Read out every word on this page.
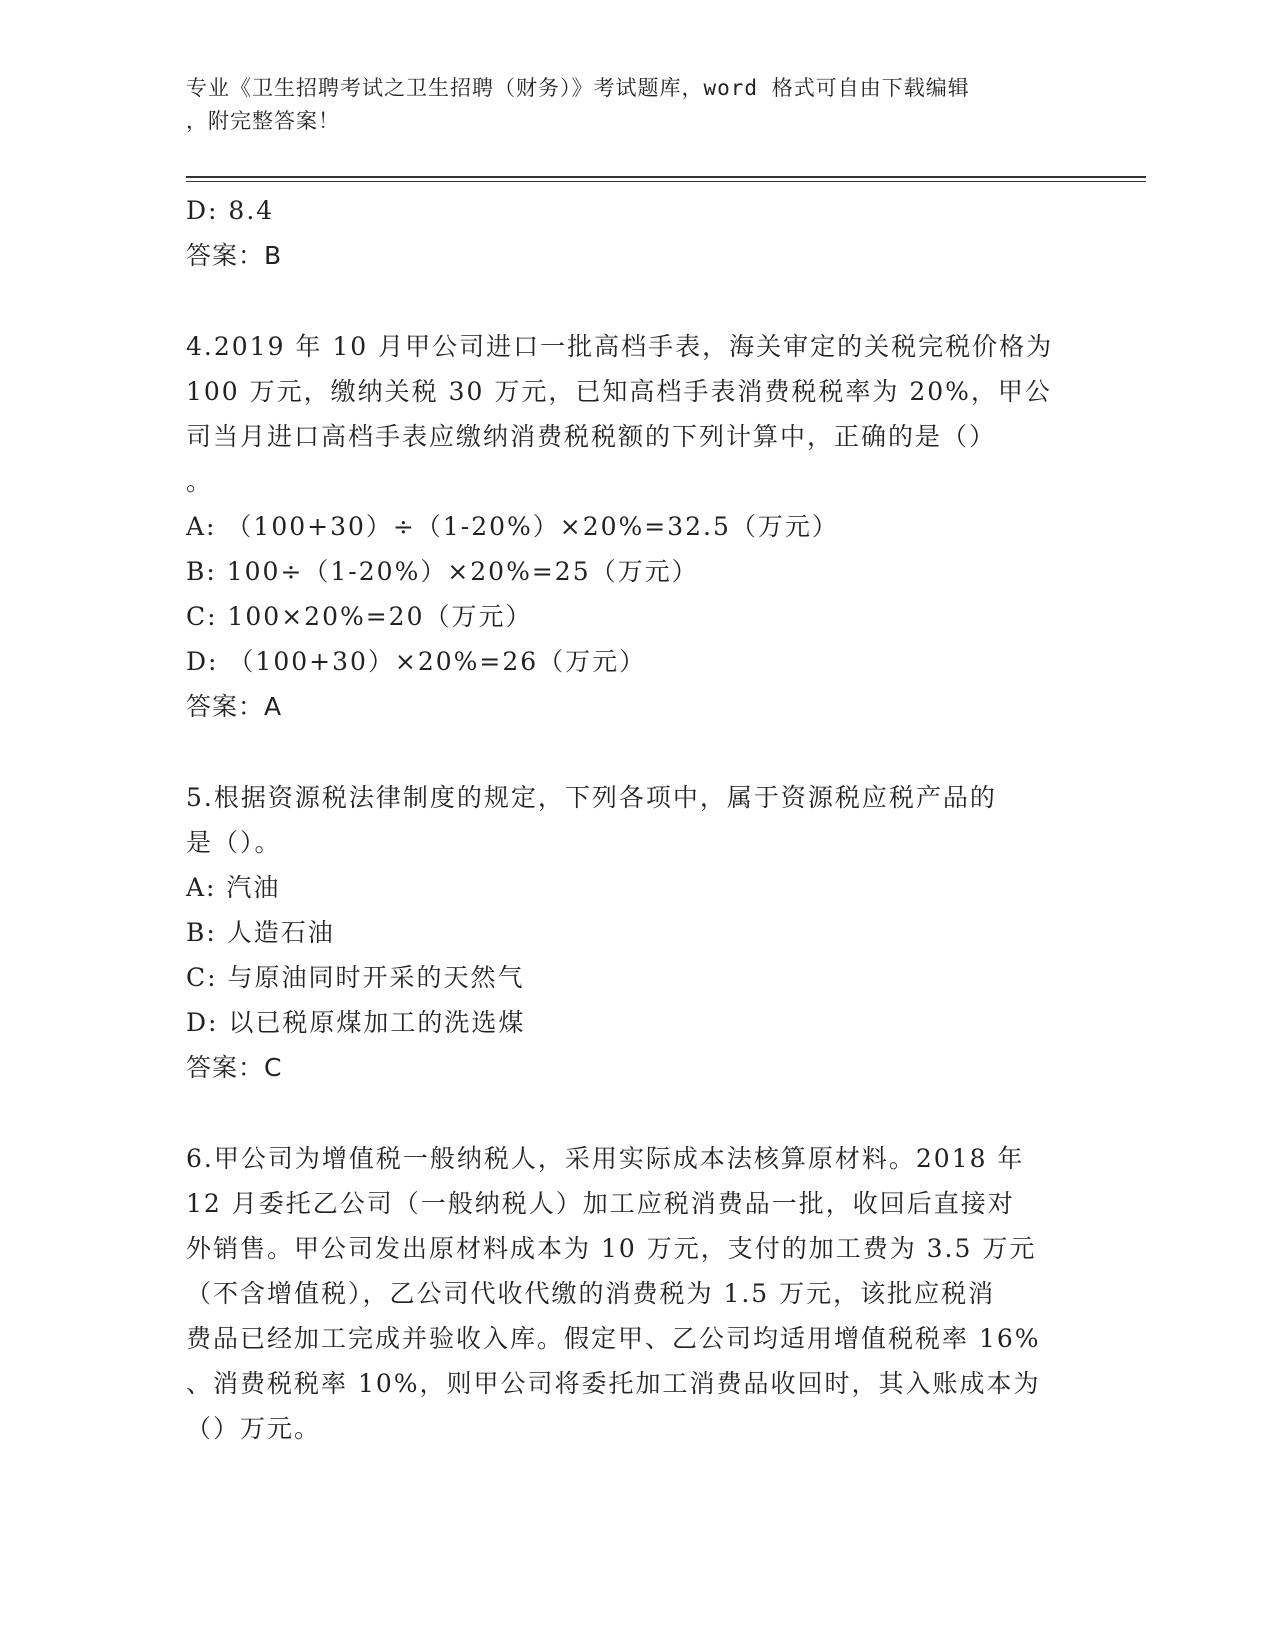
专业《卫生招聘考试之卫生招聘（财务）》考试题库，word 格式可自由下载编辑
，附完整答案！
D: 8.4
答案：B
4.2019 年 10 月甲公司进口一批高档手表，海关审定的关税完税价格为
100 万元，缴纳关税 30 万元，已知高档手表消费税税率为 20%，甲公
司当月进口高档手表应缴纳消费税税额的下列计算中，正确的是（）
。
A: （100+30）÷（1-20%）×20%=32.5（万元）
B: 100÷（1-20%）×20%=25（万元）
C: 100×20%=20（万元）
D: （100+30）×20%=26（万元）
答案：A
5.根据资源税法律制度的规定，下列各项中，属于资源税应税产品的
是（）。
A: 汽油
B: 人造石油
C: 与原油同时开采的天然气
D: 以已税原煤加工的洗选煤
答案：C
6.甲公司为增值税一般纳税人，采用实际成本法核算原材料。2018 年
12 月委托乙公司（一般纳税人）加工应税消费品一批，收回后直接对
外销售。甲公司发出原材料成本为 10 万元，支付的加工费为 3.5 万元
（不含增值税），乙公司代收代缴的消费税为 1.5 万元，该批应税消
费品已经加工完成并验收入库。假定甲、乙公司均适用增值税税率 16%
、消费税税率 10%，则甲公司将委托加工消费品收回时，其入账成本为
（）万元。
